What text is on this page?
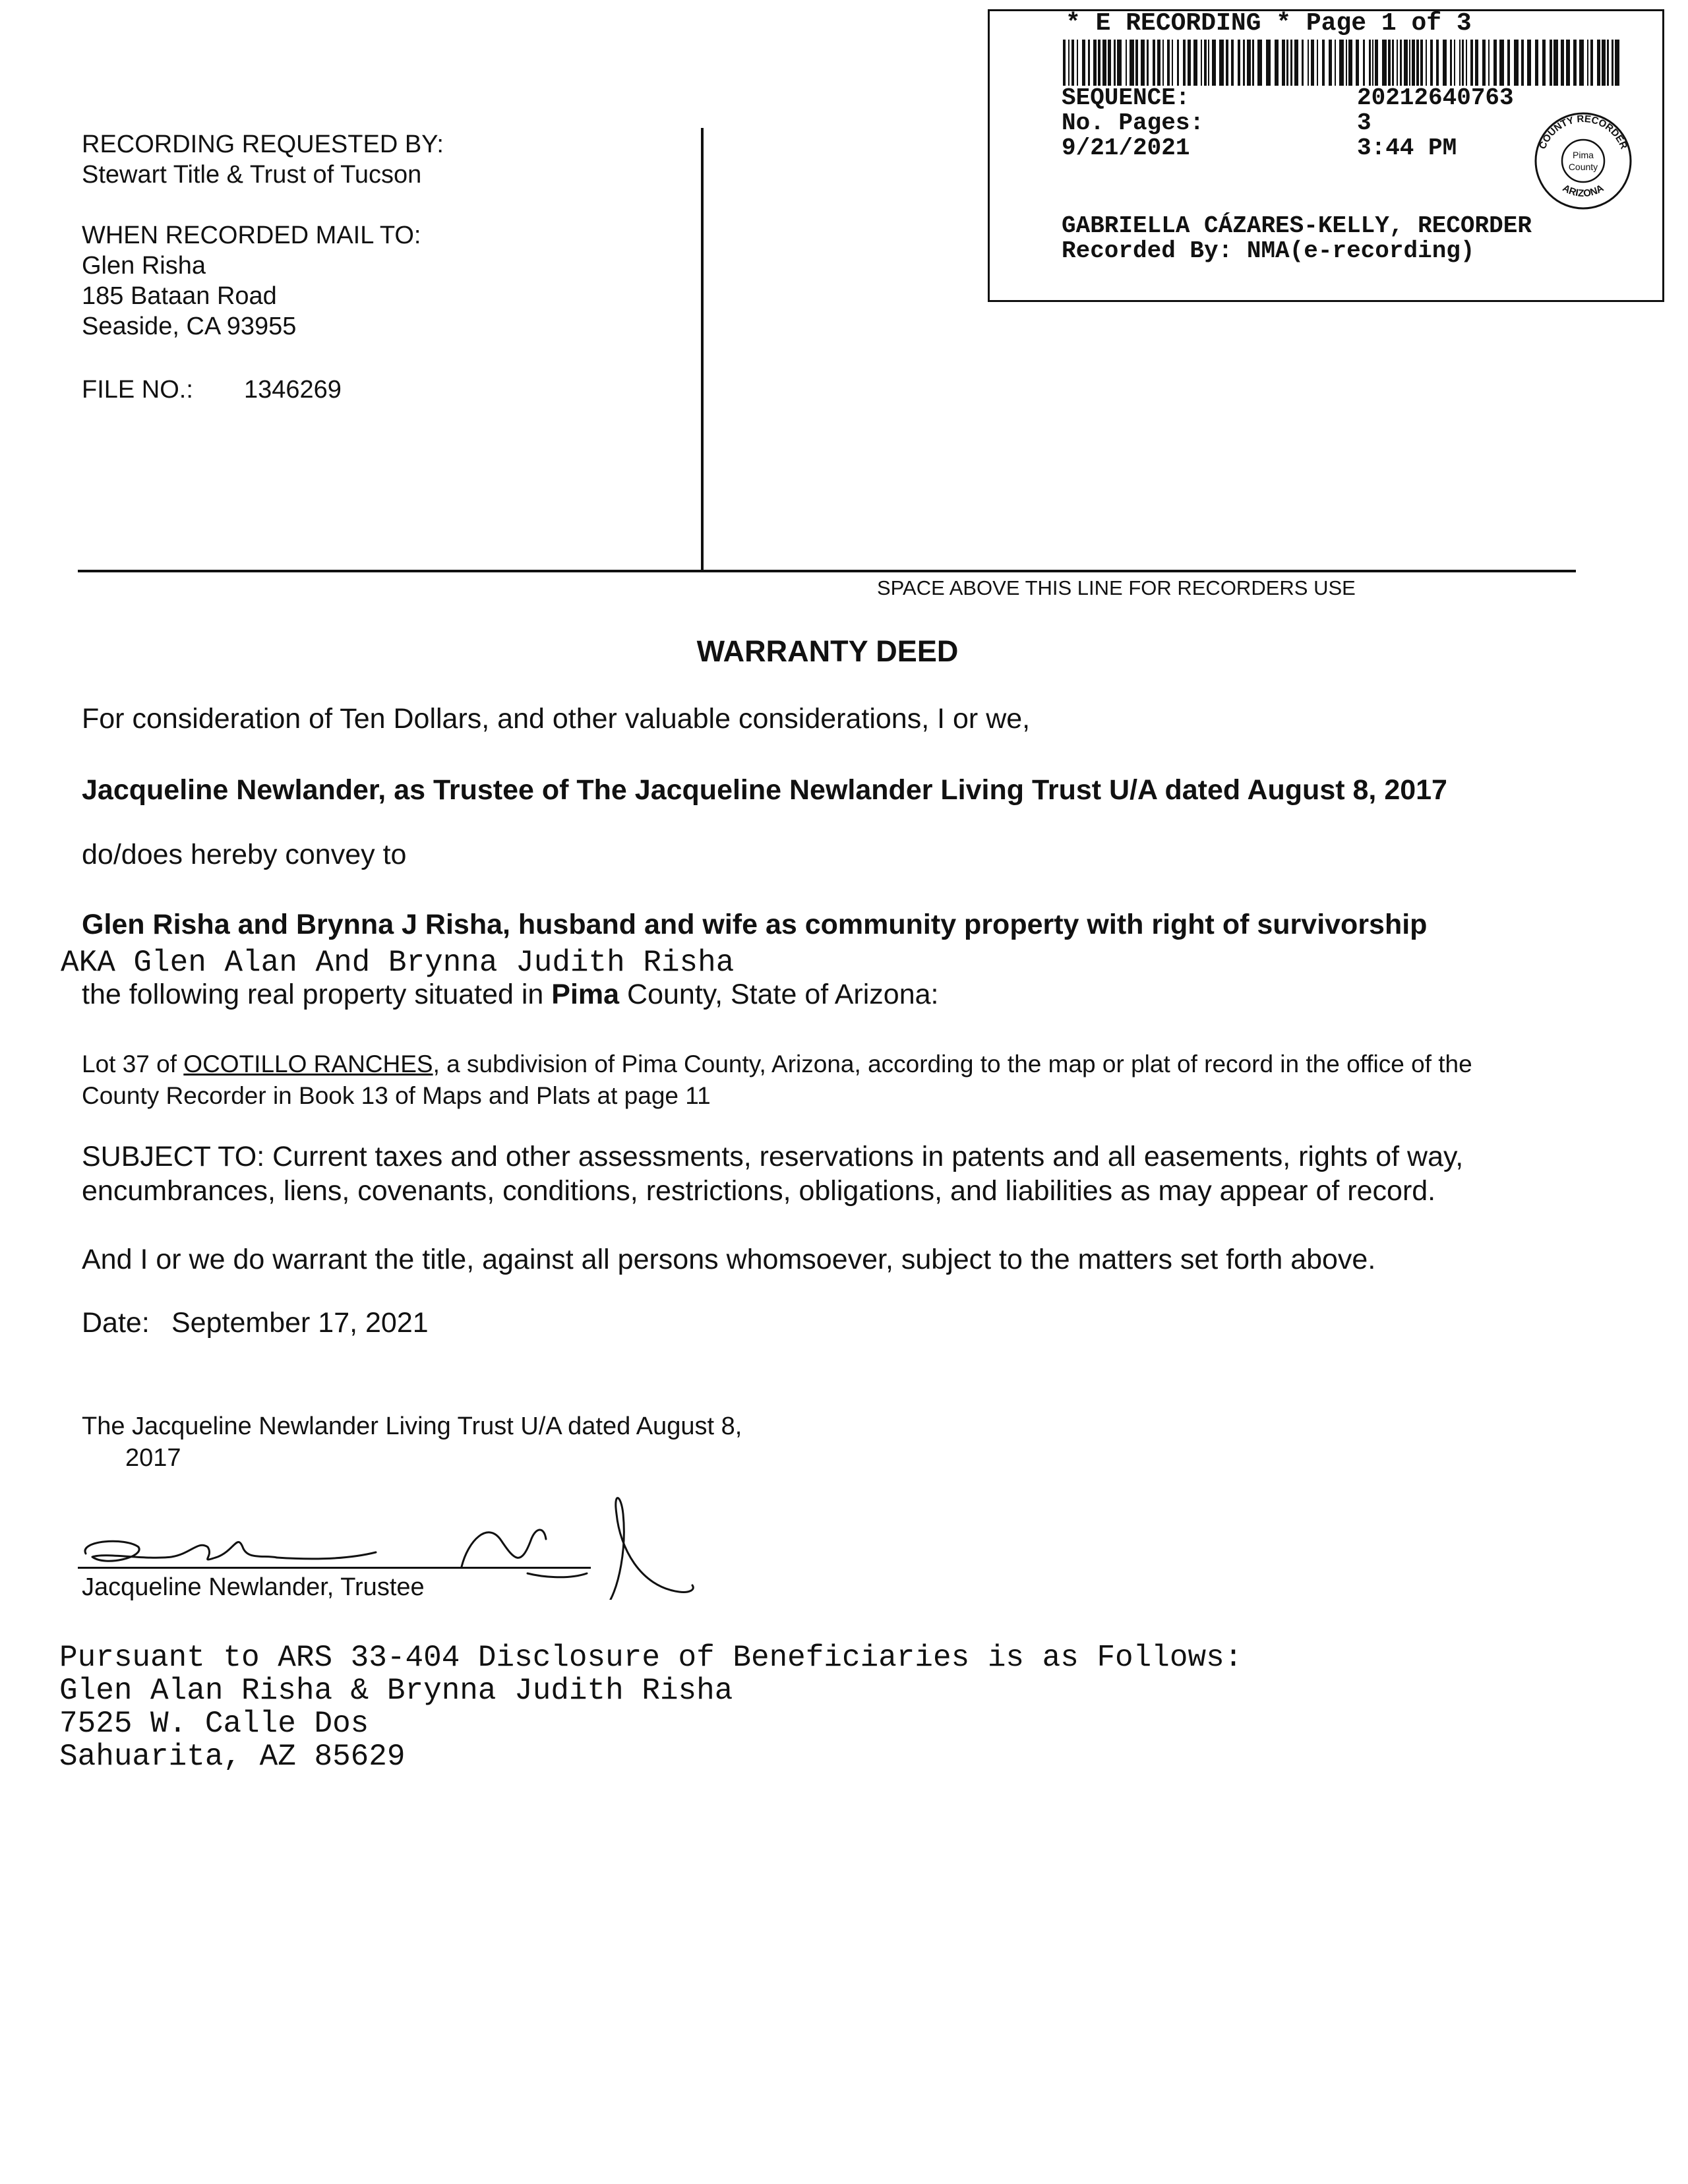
* E RECORDING * Page 1 of 3
SEQUENCE:	20212640763
No. Pages:	3
9/21/2021	3:44 PM
GABRIELLA CÁZARES-KELLY, RECORDER
Recorded By: NMA(e-recording)
COUNTY RECORDER
ARIZONA
Pima
County
RECORDING REQUESTED BY:
Stewart Title & Trust of Tucson
WHEN RECORDED MAIL TO:
Glen Risha
185 Bataan Road
Seaside, CA 93955
FILE NO.: 1346269
SPACE ABOVE THIS LINE FOR RECORDERS USE
WARRANTY DEED
For consideration of Ten Dollars, and other valuable considerations, I or we,
Jacqueline Newlander, as Trustee of The Jacqueline Newlander Living Trust U/A dated August 8, 2017
do/does hereby convey to
Glen Risha and Brynna J Risha, husband and wife as community property with right of survivorship
AKA Glen Alan And Brynna Judith Risha
the following real property situated in Pima County, State of Arizona:
Lot 37 of OCOTILLO RANCHES, a subdivision of Pima County, Arizona, according to the map or plat of record in the office of the County Recorder in Book 13 of Maps and Plats at page 11
SUBJECT TO: Current taxes and other assessments, reservations in patents and all easements, rights of way,
encumbrances, liens, covenants, conditions, restrictions, obligations, and liabilities as may appear of record.
And I or we do warrant the title, against all persons whomsoever, subject to the matters set forth above.
Date: September 17, 2021
The Jacqueline Newlander Living Trust U/A dated August 8,
2017
Jacqueline Newlander, Trustee
Pursuant to ARS 33-404 Disclosure of Beneficiaries is as Follows:
Glen Alan Risha & Brynna Judith Risha
7525 W. Calle Dos
Sahuarita, AZ 85629
